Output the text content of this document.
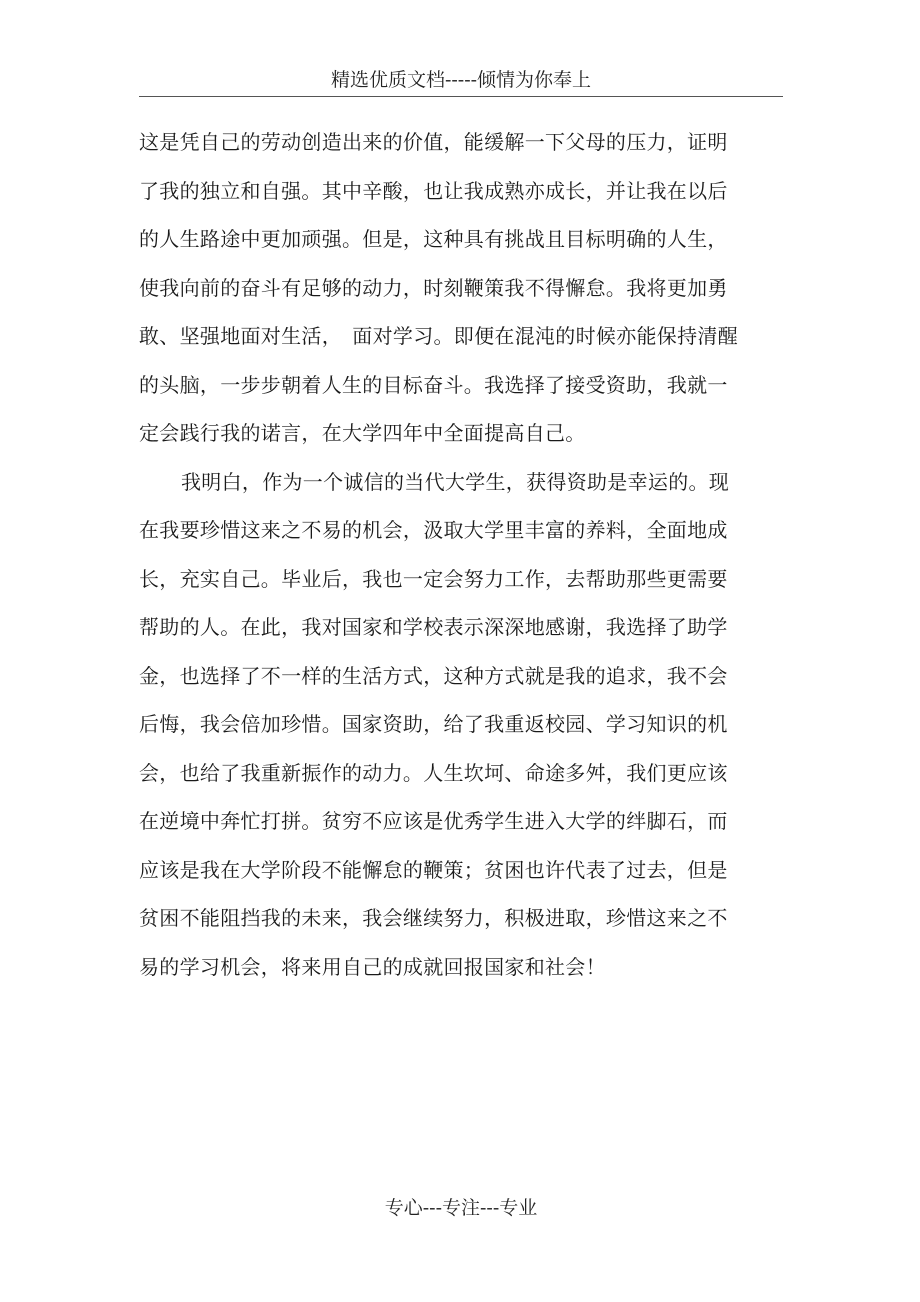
精选优质文档-----倾情为你奉上
这是凭自己的劳动创造出来的价值，能缓解一下父母的压力，证明
了我的独立和自强。其中辛酸，也让我成熟亦成长，并让我在以后
的人生路途中更加顽强。但是，这种具有挑战且目标明确的人生，
使我向前的奋斗有足够的动力，时刻鞭策我不得懈怠。我将更加勇
敢、坚强地面对生活，　面对学习。即便在混沌的时候亦能保持清醒
的头脑，一步步朝着人生的目标奋斗。我选择了接受资助，我就一
定会践行我的诺言，在大学四年中全面提高自己。
我明白，作为一个诚信的当代大学生，获得资助是幸运的。现
在我要珍惜这来之不易的机会，汲取大学里丰富的养料，全面地成
长，充实自己。毕业后，我也一定会努力工作，去帮助那些更需要
帮助的人。在此，我对国家和学校表示深深地感谢，我选择了助学
金，也选择了不一样的生活方式，这种方式就是我的追求，我不会
后悔，我会倍加珍惜。国家资助，给了我重返校园、学习知识的机
会，也给了我重新振作的动力。人生坎坷、命途多舛，我们更应该
在逆境中奔忙打拼。贫穷不应该是优秀学生进入大学的绊脚石，而
应该是我在大学阶段不能懈怠的鞭策；贫困也许代表了过去，但是
贫困不能阻挡我的未来，我会继续努力，积极进取，珍惜这来之不
易的学习机会，将来用自己的成就回报国家和社会！
专心---专注---专业
